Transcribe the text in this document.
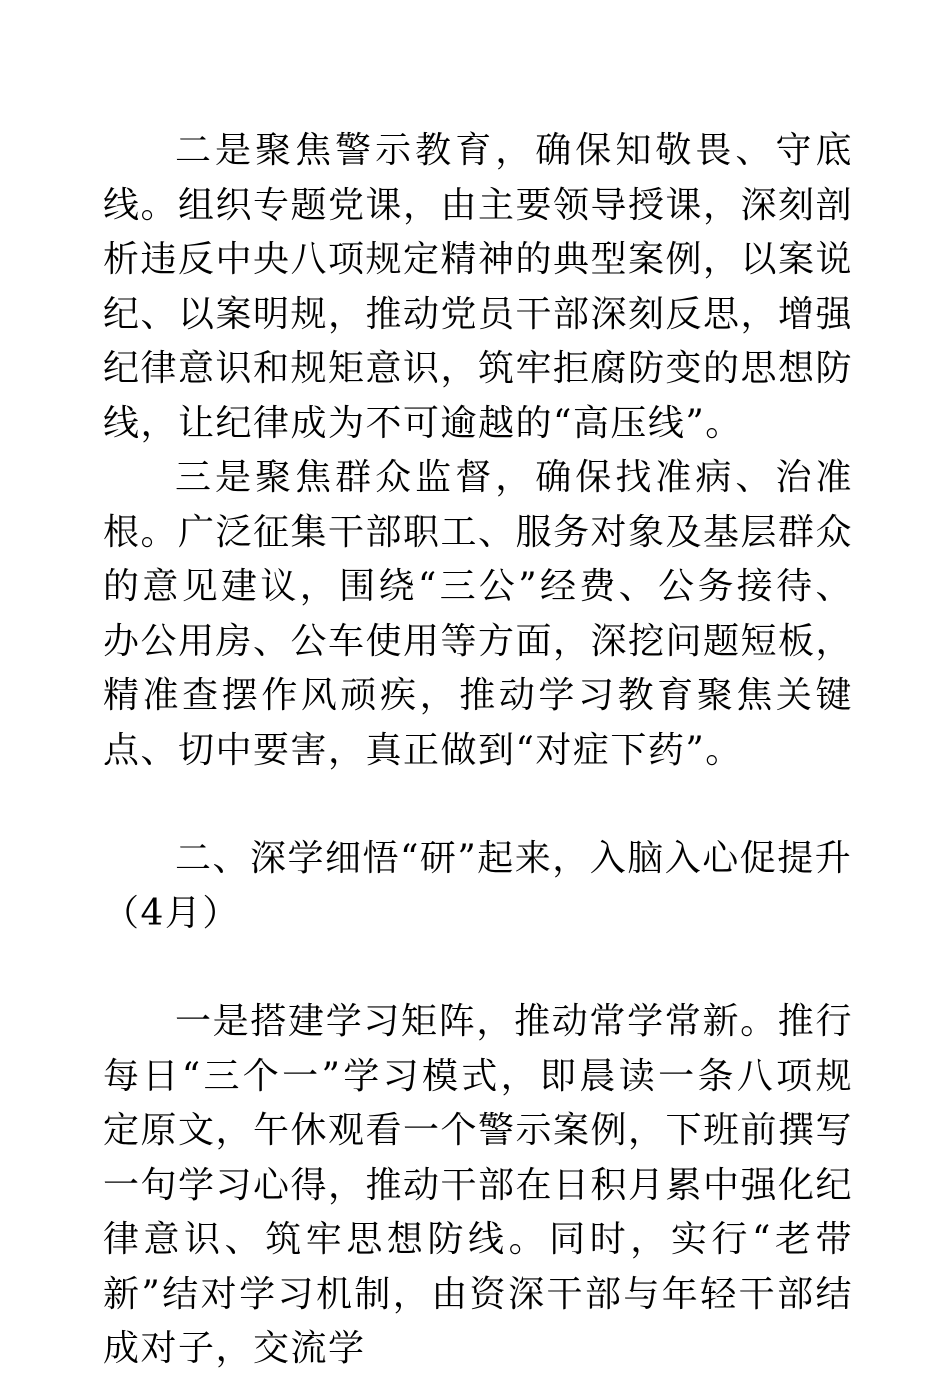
二是聚焦警示教育，确保知敬畏、守底线。组织专题党课，由主要领导授课，深刻剖析违反中央八项规定精神的典型案例，以案说纪、以案明规，推动党员干部深刻反思，增强纪律意识和规矩意识，筑牢拒腐防变的思想防线，让纪律成为不可逾越的“高压线”。

三是聚焦群众监督，确保找准病、治准根。广泛征集干部职工、服务对象及基层群众的意见建议，围绕“三公”经费、公务接待、办公用房、公车使用等方面，深挖问题短板，精准查摆作风顽疾，推动学习教育聚焦关键点、切中要害，真正做到“对症下药”。

二、深学细悟“研”起来，入脑入心促提升（4月）

一是搭建学习矩阵，推动常学常新。推行每日“三个一”学习模式，即晨读一条八项规定原文，午休观看一个警示案例，下班前撰写一句学习心得，推动干部在日积月累中强化纪律意识、筑牢思想防线。同时，实行“老带新”结对学习机制，由资深干部与年轻干部结成对子，交流学
